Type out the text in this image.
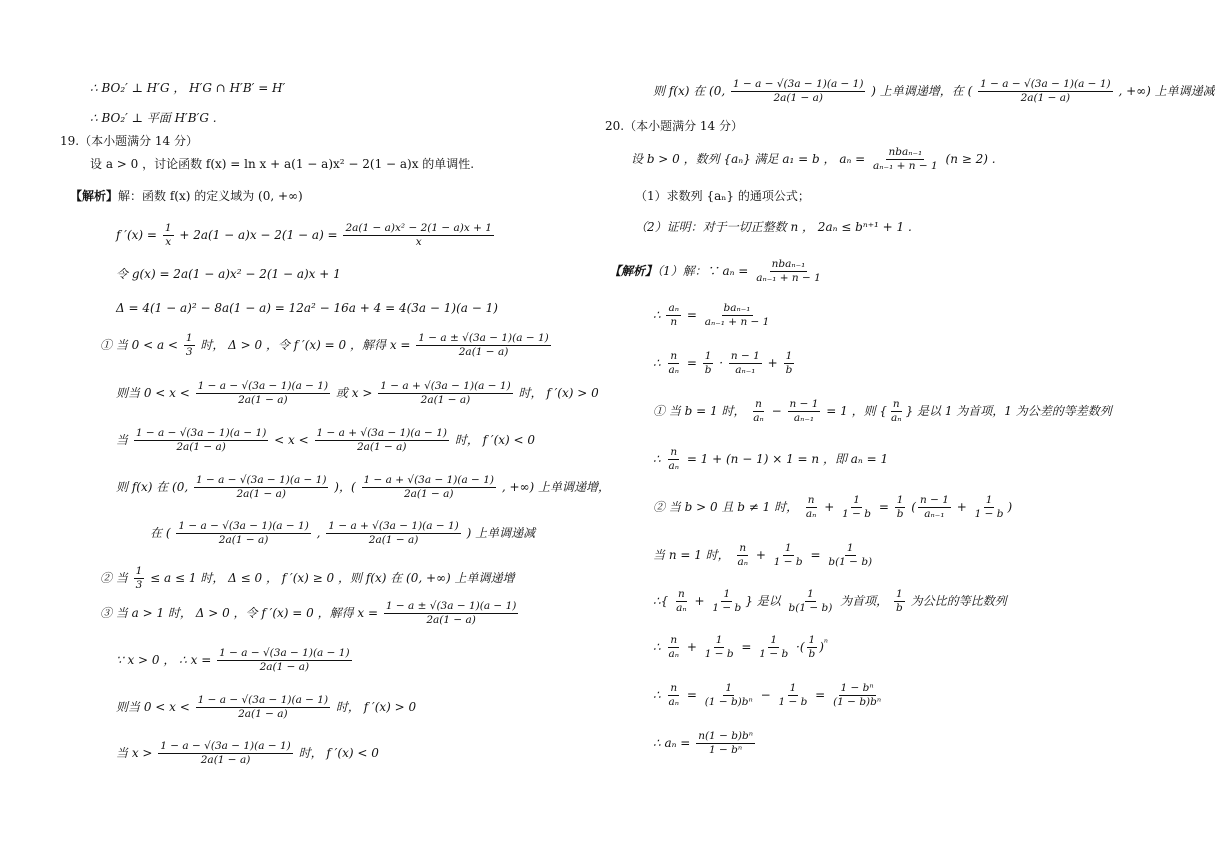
∴ BO₂′ ⊥ H′G ， H′G ∩ H′B′ = H′
∴ BO₂′ ⊥ 平面 H′B′G .
19.（本小题满分 14 分）
设 a > 0 ，讨论函数 f(x) = ln x + a(1 − a)x² − 2(1 − a)x 的单调性.
【解析】解：函数 f(x) 的定义域为 (0, +∞)
f $'(x) = \frac{1}{x} + 2a(1 - a)x - 2(1 - a) = \frac{\text{2a(1 − a)x² − 2(1 − a)x + 1}}{x}$
令 g(x) = 2a(1 − a)x² − 2(1 − a)x + 1
Δ = 4(1 − a)² − 8a(1 − a) = 12a² − 16a + 4 = 4(3a − 1)(a − 1)
① 当 $0 < a < \frac{1}{3}$ 时， Δ > 0 ，令 f ′(x) = 0 ，解得 $x = \frac{1 - a \pm √(3a - 1)(a - 1)}{2a(1 - a)}$
则当 $0 < x < \frac{1 - a - √(3a - 1)(a - 1)}{2a(1 - a)}$ 或 $x > \frac{1 - a + √(3a - 1)(a - 1)}{2a(1 - a)}$ 时， f ′(x) > 0
当 $\frac{1 - a - √(3a - 1)(a - 1)}{2a(1 - a)} < x < \frac{1 - a + √(3a - 1)(a - 1)}{2a(1 - a)}$ 时， f ′(x) < 0
则 f(x) 在 (0, $\frac{1 - a - √(3a - 1)(a - 1)}{2a(1 - a)}$ )，( $\frac{1 - a + √(3a - 1)(a - 1)}{2a(1 - a)}$ , +∞) 上单调递增，
在 ( $\frac{1 - a - √(3a - 1)(a - 1)}{2a(1 - a)}$ , $\frac{1 - a + √(3a - 1)(a - 1)}{2a(1 - a)}$ ) 上单调递减
② 当 $\frac{1}{3} \le a \le 1$ 时， Δ ≤ 0 ， f ′(x) ≥ 0 ，则 f(x) 在 (0, +∞) 上单调递增
③ 当 a > 1 时， Δ > 0 ，令 f ′(x) = 0 ，解得 $x = \frac{1 - a \pm √(3a - 1)(a - 1)}{2a(1 - a)}$
∵ x > 0 ， ∴ $x = \frac{1 - a - √(3a - 1)(a - 1)}{2a(1 - a)}$
则当 $0 < x < \frac{1 - a - √(3a - 1)(a - 1)}{2a(1 - a)}$ 时， f ′(x) > 0
当 $x > \frac{1 - a - √(3a - 1)(a - 1)}{2a(1 - a)}$ 时， f ′(x) < 0
则 f(x) 在 (0, $\frac{1 - a - √(3a - 1)(a - 1)}{2a(1 - a)}$ ) 上单调递增，在 ( $\frac{1 - a - √(3a - 1)(a - 1)}{2a(1 - a)}$ , +∞) 上单调递减
20.（本小题满分 14 分）
设 b > 0 ，数列 {aₙ} 满足 a₁ = b ， $a_n = \frac{\text{nbaₙ₋₁}}{\text{aₙ₋₁ + n − 1}} (n \ge 2)$ .
（1）求数列 {aₙ} 的通项公式；
（2）证明：对于一切正整数 n ， 2aₙ ≤ bⁿ⁺¹ + 1 .
【解析】（1）解：∵ $a_n = \frac{\text{nbaₙ₋₁}}{\text{aₙ₋₁ + n − 1}}$
∴ $\frac{\text{aₙ}}{n} = \frac{\text{baₙ₋₁}}{\text{aₙ₋₁ + n − 1}}$
∴ $\frac{n}{\text{aₙ}} = \frac{1}{b} \cdot \frac{n - 1}{\text{aₙ₋₁}} + \frac{1}{b}$
① 当 b = 1 时， $\frac{n}{\text{aₙ}} - \frac{n - 1}{\text{aₙ₋₁}} = 1$ ，则 { $\frac{n}{\text{aₙ}}$ } 是以 1 为首项，1 为公差的等差数列
∴ $\frac{n}{\text{aₙ}} = 1 + (n - 1) \times 1 = n$ ，即 aₙ = 1
② 当 b > 0 且 b ≠ 1 时， $\frac{n}{\text{aₙ}} + \frac{1}{1 - b} = \frac{1}{b}$ ( $\frac{n - 1}{\text{aₙ₋₁}} + \frac{1}{1 - b}$ )
当 n = 1 时， $\frac{n}{\text{aₙ}} + \frac{1}{1 - b} = \frac{1}{b(1 - b)}$
∴{ $\frac{n}{\text{aₙ}} + \frac{1}{1 - b}$ } 是以 $\frac{1}{b(1 - b)}$ 为首项， $\frac{1}{b}$ 为公比的等比数列
∴ $\frac{n}{\text{aₙ}} + \frac{1}{1 - b} = \frac{1}{1 - b}$ ·( $\frac{1}{b} )^{^n}$
∴ $\frac{n}{\text{aₙ}} = \frac{1}{\text{(1 − b)bⁿ}} - \frac{1}{1 - b} = \frac{\text{1 − bⁿ}}{\text{(1 − b)bⁿ}}$
∴ $a_n = \frac{\text{n(1 − b)bⁿ}}{\text{1 − bⁿ}}$
